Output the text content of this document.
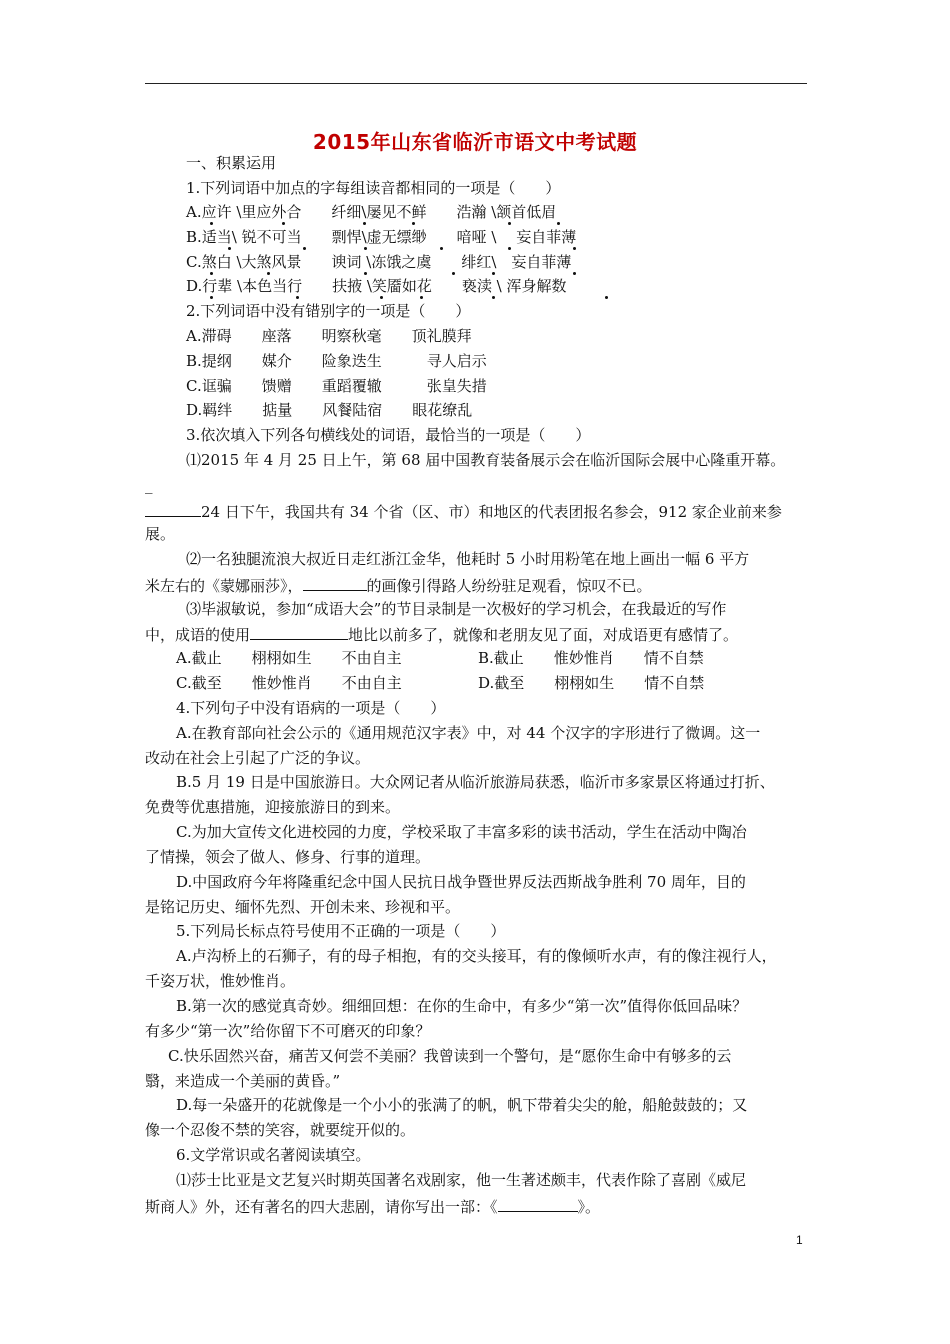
2015年山东省临沂市语文中考试题
一、积累运用
1.下列词语中加点的字每组读音都相同的一项是（　　）
A.应许 \里应外合　　纤细\屡见不鲜　　浩瀚 \颔首低眉
B.适当\ 锐不可当　　剽悍\虚无缥缈　　喑哑 \　 妄自菲薄
C.煞白 \大煞风景　　谀词 \冻饿之虞　　绯红\　妄自菲薄
D.行辈 \本色当行　　扶掖 \笑靥如花　　亵渎 \ 浑身解数
2.下列词语中没有错别字的一项是（　　）
A.滞碍　　座落　　明察秋毫　　顶礼膜拜
B.提纲　　媒介　　险象迭生　　　寻人启示
C.诓骗　　馈赠　　重蹈覆辙　　　张皇失措
D.羁绊　　掂量　　风餐陆宿　　眼花缭乱
3.依次填入下列各句横线处的词语，最恰当的一项是（　　）
⑴2015 年 4 月 25 日上午，第 68 届中国教育装备展示会在临沂国际会展中心隆重开幕。
_
24 日下午，我国共有 34 个省（区、市）和地区的代表团报名参会，912 家企业前来参
展。
⑵一名独腿流浪大叔近日走红浙江金华，他耗时 5 小时用粉笔在地上画出一幅 6 平方
米左右的《蒙娜丽莎》，	的画像引得路人纷纷驻足观看，惊叹不已。
⑶毕淑敏说，参加“成语大会”的节目录制是一次极好的学习机会，在我最近的写作
中，成语的使用	地比以前多了，就像和老朋友见了面，对成语更有感情了。
A.截止　　栩栩如生　　不由自主	B.截止　　惟妙惟肖　　情不自禁
C.截至　　惟妙惟肖　　不由自主	D.截至　　栩栩如生　　情不自禁
4.下列句子中没有语病的一项是（　　）
A.在教育部向社会公示的《通用规范汉字表》中，对 44 个汉字的字形进行了微调。这一
改动在社会上引起了广泛的争议。
B.5 月 19 日是中国旅游日。大众网记者从临沂旅游局获悉，临沂市多家景区将通过打折、
免费等优惠措施，迎接旅游日的到来。
C.为加大宣传文化进校园的力度，学校采取了丰富多彩的读书活动，学生在活动中陶冶
了情操，领会了做人、修身、行事的道理。
D.中国政府今年将隆重纪念中国人民抗日战争暨世界反法西斯战争胜利 70 周年，目的
是铭记历史、缅怀先烈、开创未来、珍视和平。
5.下列局长标点符号使用不正确的一项是（　　）
A.卢沟桥上的石狮子，有的母子相抱，有的交头接耳，有的像倾听水声，有的像注视行人，
千姿万状，惟妙惟肖。
B.第一次的感觉真奇妙。细细回想：在你的生命中，有多少“第一次”值得你低回品味？
有多少“第一次”给你留下不可磨灭的印象？
C.快乐固然兴奋，痛苦又何尝不美丽？我曾读到一个警句，是“愿你生命中有够多的云
翳，来造成一个美丽的黄昏。”
D.每一朵盛开的花就像是一个小小的张满了的帆，帆下带着尖尖的舱，船舱鼓鼓的；又
像一个忍俊不禁的笑容，就要绽开似的。
6.文学常识或名著阅读填空。
⑴莎士比亚是文艺复兴时期英国著名戏剧家，他一生著述颇丰，代表作除了喜剧《威尼
斯商人》外，还有著名的四大悲剧，请你写出一部：《	》。
1
